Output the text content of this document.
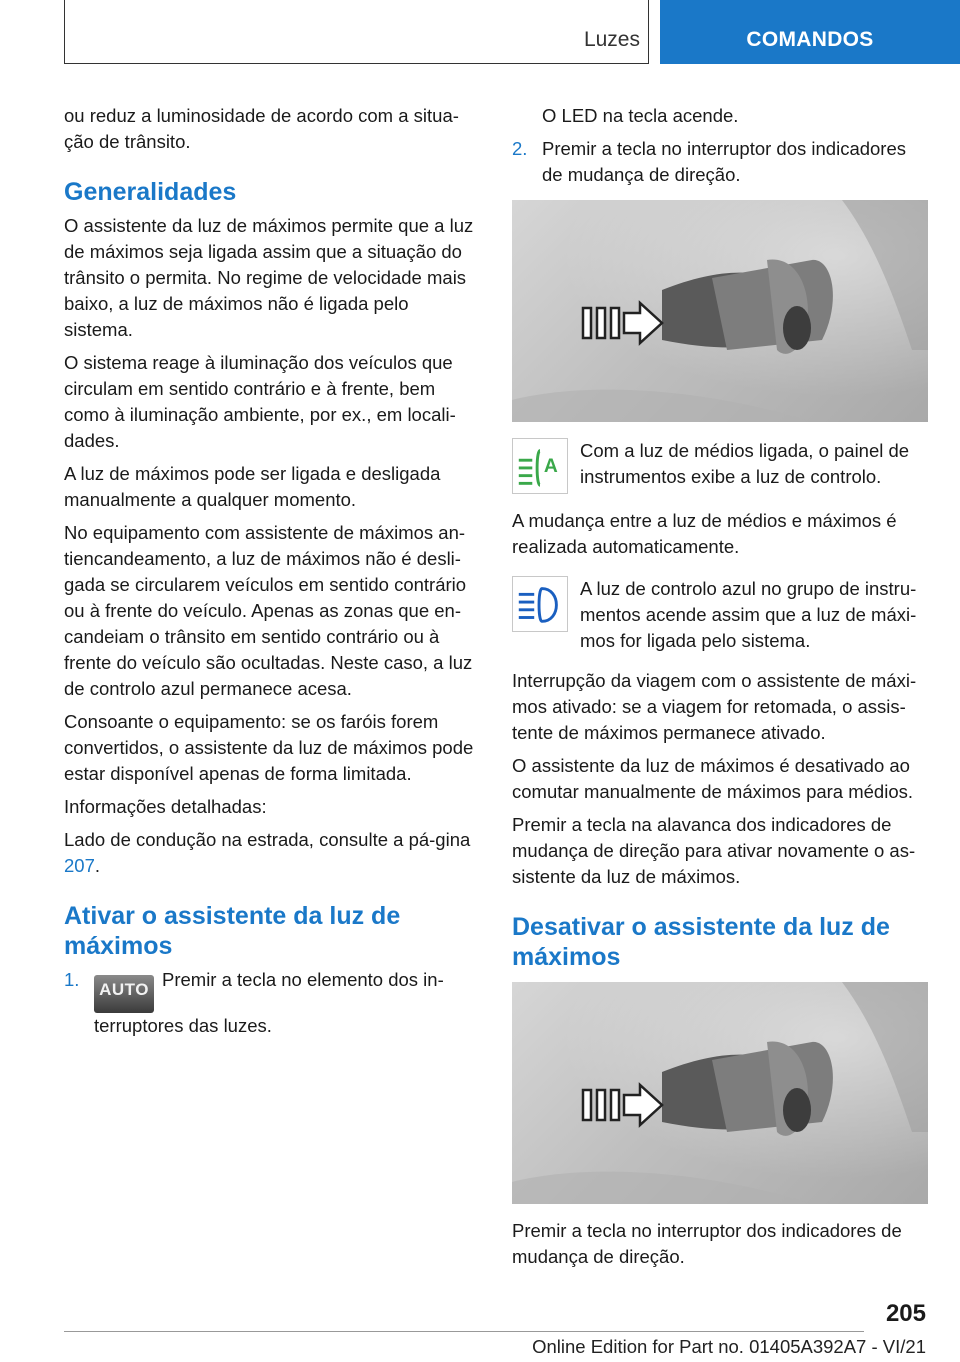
Luzes	COMANDOS

ou reduz a luminosidade de acordo com a situa‐ção de trânsito.

Generalidades

O assistente da luz de máximos permite que a luz de máximos seja ligada assim que a situação do trânsito o permita. No regime de velocidade mais baixo, a luz de máximos não é ligada pelo sistema.

O sistema reage à iluminação dos veículos que circulam em sentido contrário e à frente, bem como à iluminação ambiente, por ex., em locali‐dades.

A luz de máximos pode ser ligada e desligada manualmente a qualquer momento.

No equipamento com assistente de máximos an‐tiencandeamento, a luz de máximos não é desli‐gada se circularem veículos em sentido contrário ou à frente do veículo. Apenas as zonas que en‐candeiam o trânsito em sentido contrário ou à frente do veículo são ocultadas. Neste caso, a luz de controlo azul permanece acesa.

Consoante o equipamento: se os faróis forem convertidos, o assistente da luz de máximos pode estar disponível apenas de forma limitada.

Informações detalhadas:

Lado de condução na estrada, consulte a pá‐gina 207.

Ativar o assistente da luz de máximos
1.	AUTO Premir a tecla no elemento dos in‐terruptores das luzes.
O LED na tecla acende.
2. Premir a tecla no interruptor dos indicadores de mudança de direção.
A
Com a luz de médios ligada, o painel de instrumentos exibe a luz de controlo.

A mudança entre a luz de médios e máximos é realizada automaticamente.

A luz de controlo azul no grupo de instru‐mentos acende assim que a luz de máxi‐mos for ligada pelo sistema.

Interrupção da viagem com o assistente de máxi‐mos ativado: se a viagem for retomada, o assis‐tente de máximos permanece ativado.

O assistente da luz de máximos é desativado ao comutar manualmente de máximos para médios.

Premir a tecla na alavanca dos indicadores de mudança de direção para ativar novamente o as‐sistente da luz de máximos.

Desativar o assistente da luz de máximos

Premir a tecla no interruptor dos indicadores de mudança de direção.

205
Online Edition for Part no. 01405A392A7 - VI/21
